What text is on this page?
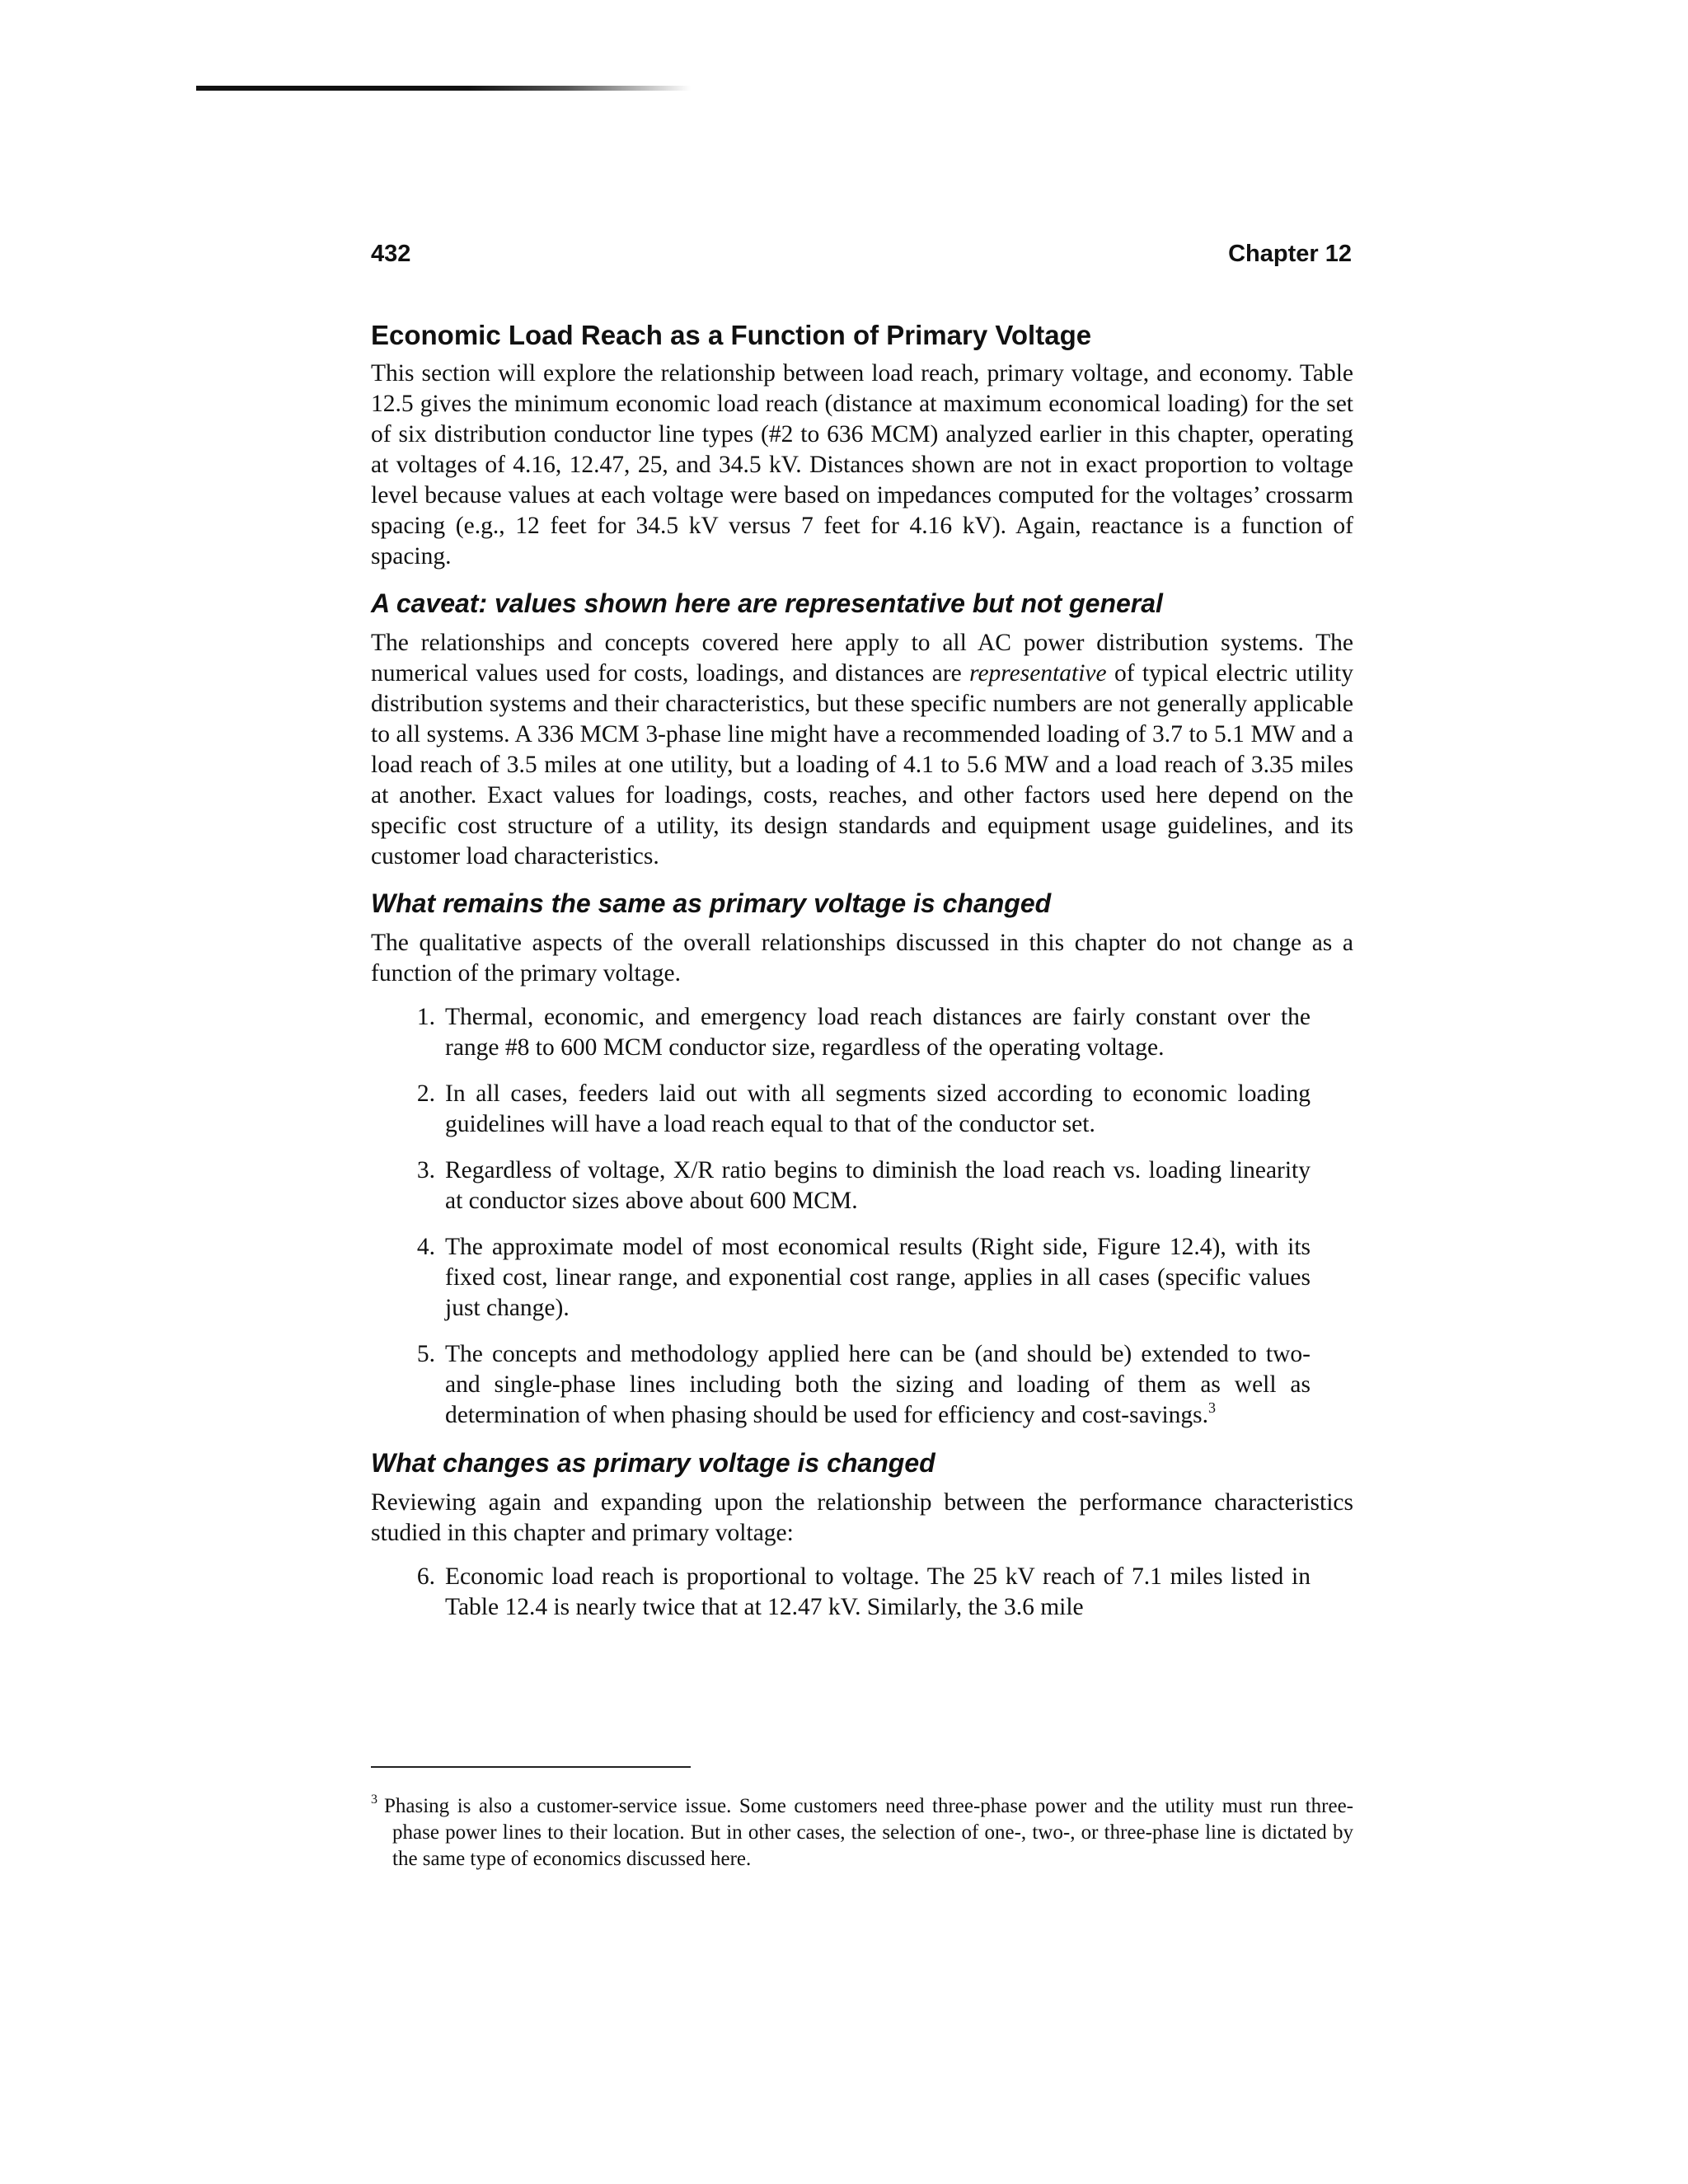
432	Chapter 12
Economic Load Reach as a Function of Primary Voltage

This section will explore the relationship between load reach, primary voltage, and economy. Table 12.5 gives the minimum economic load reach (distance at maximum economical loading) for the set of six distribution conductor line types (#2 to 636 MCM) analyzed earlier in this chapter, operating at voltages of 4.16, 12.47, 25, and 34.5 kV. Distances shown are not in exact proportion to voltage level because values at each voltage were based on impedances computed for the voltages’ crossarm spacing (e.g., 12 feet for 34.5 kV versus 7 feet for 4.16 kV). Again, reactance is a function of spacing.

A caveat: values shown here are representative but not general

The relationships and concepts covered here apply to all AC power distribution systems. The numerical values used for costs, loadings, and distances are representative of typical electric utility distribution systems and their characteristics, but these specific numbers are not generally applicable to all systems. A 336 MCM 3-phase line might have a recommended loading of 3.7 to 5.1 MW and a load reach of 3.5 miles at one utility, but a loading of 4.1 to 5.6 MW and a load reach of 3.35 miles at another. Exact values for loadings, costs, reaches, and other factors used here depend on the specific cost structure of a utility, its design standards and equipment usage guidelines, and its customer load characteristics.

What remains the same as primary voltage is changed

The qualitative aspects of the overall relationships discussed in this chapter do not change as a function of the primary voltage.

1. Thermal, economic, and emergency load reach distances are fairly constant over the range #8 to 600 MCM conductor size, regardless of the operating voltage.
2. In all cases, feeders laid out with all segments sized according to economic loading guidelines will have a load reach equal to that of the conductor set.
3. Regardless of voltage, X/R ratio begins to diminish the load reach vs. loading linearity at conductor sizes above about 600 MCM.
4. The approximate model of most economical results (Right side, Figure 12.4), with its fixed cost, linear range, and exponential cost range, applies in all cases (specific values just change).
5. The concepts and methodology applied here can be (and should be) extended to two- and single-phase lines including both the sizing and loading of them as well as determination of when phasing should be used for efficiency and cost-savings.$^3$
What changes as primary voltage is changed

Reviewing again and expanding upon the relationship between the performance characteristics studied in this chapter and primary voltage:

6. Economic load reach is proportional to voltage. The 25 kV reach of 7.1 miles listed in Table 12.4 is nearly twice that at 12.47 kV. Similarly, the 3.6 mile
$^3$ Phasing is also a customer-service issue. Some customers need three-phase power and the utility must run three-phase power lines to their location. But in other cases, the selection of one-, two-, or three-phase line is dictated by the same type of economics discussed here.
